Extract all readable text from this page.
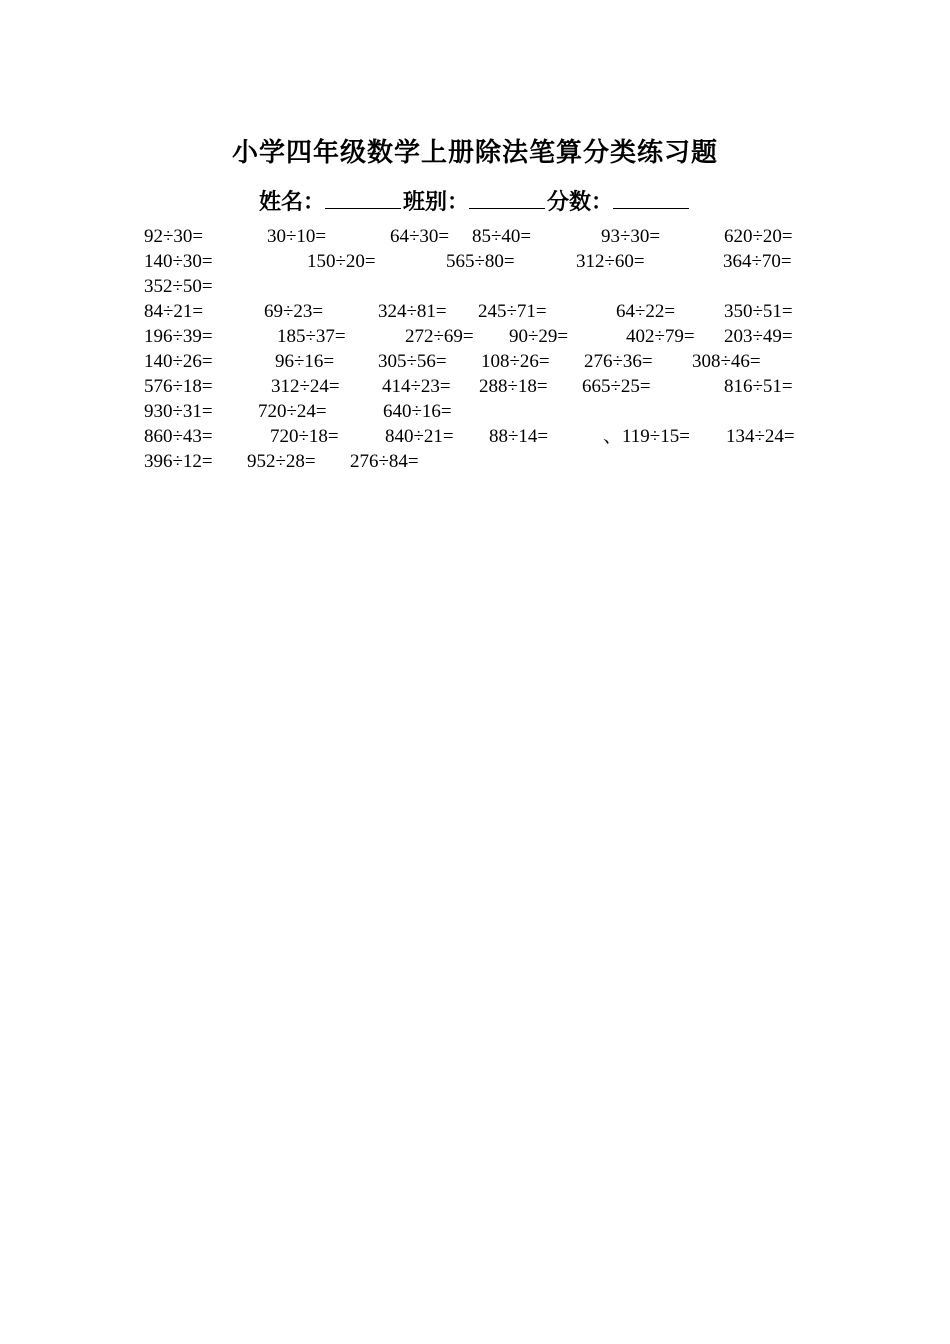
小学四年级数学上册除法笔算分类练习题
姓名：	班别：	分数：
92÷30=	30÷10=	64÷30= 85÷40=	93÷30=	620÷20=
140÷30=	150÷20=	565÷80=	312÷60=	364÷70=
352÷50=
84÷21=	69÷23=	324÷81= 245÷71=	64÷22=	350÷51=
196÷39=	185÷37=	272÷69= 90÷29=	402÷79= 203÷49=
140÷26=	96÷16= 305÷56= 108÷26= 276÷36= 308÷46=
576÷18=	312÷24= 414÷23= 288÷18= 665÷25=	816÷51=
930÷31= 720÷24=	640÷16=
860÷43=	720÷18= 840÷21= 88÷14=	、119÷15= 134÷24=
396÷12= 952÷28= 276÷84=
